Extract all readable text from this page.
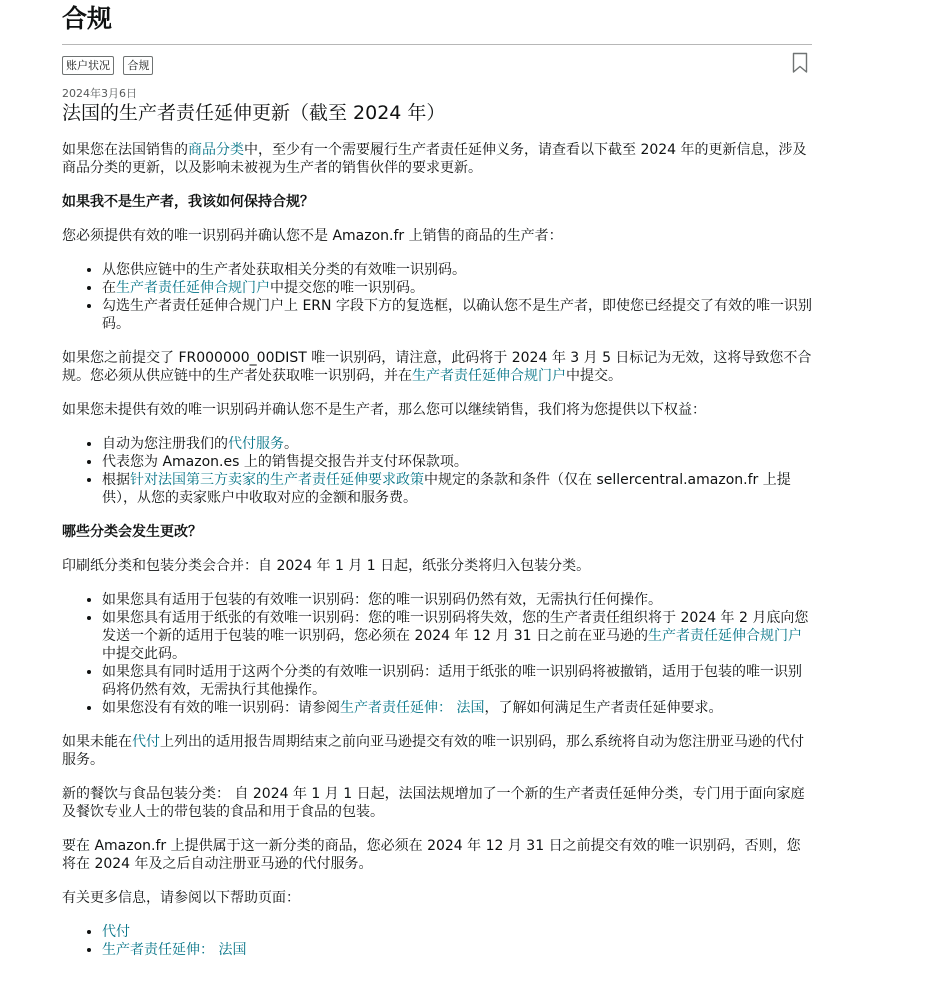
合规
账户状况 合规
2024年3月6日
法国的生产者责任延伸更新（截至 2024 年）

如果您在法国销售的商品分类中，至少有一个需要履行生产者责任延伸义务，请查看以下截至 2024 年的更新信息，涉及商品分类的更新，以及影响未被视为生产者的销售伙伴的要求更新。

如果我不是生产者，我该如何保持合规？

您必须提供有效的唯一识别码并确认您不是 Amazon.fr 上销售的商品的生产者：

• 从您供应链中的生产者处获取相关分类的有效唯一识别码。
• 在生产者责任延伸合规门户中提交您的唯一识别码。
• 勾选生产者责任延伸合规门户上 ERN 字段下方的复选框，以确认您不是生产者，即使您已经提交了有效的唯一识别码。

如果您之前提交了 FR000000_00DIST 唯一识别码，请注意，此码将于 2024 年 3 月 5 日标记为无效，这将导致您不合规。您必须从供应链中的生产者处获取唯一识别码，并在生产者责任延伸合规门户中提交。

如果您未提供有效的唯一识别码并确认您不是生产者，那么您可以继续销售，我们将为您提供以下权益：

• 自动为您注册我们的代付服务。
• 代表您为 Amazon.es 上的销售提交报告并支付环保款项。
• 根据针对法国第三方卖家的生产者责任延伸要求政策中规定的条款和条件（仅在 sellercentral.amazon.fr 上提供），从您的卖家账户中收取对应的金额和服务费。

哪些分类会发生更改？

印刷纸分类和包装分类会合并：自 2024 年 1 月 1 日起，纸张分类将归入包装分类。

• 如果您具有适用于包装的有效唯一识别码：您的唯一识别码仍然有效，无需执行任何操作。
• 如果您具有适用于纸张的有效唯一识别码：您的唯一识别码将失效，您的生产者责任组织将于 2024 年 2 月底向您发送一个新的适用于包装的唯一识别码，您必须在 2024 年 12 月 31 日之前在亚马逊的生产者责任延伸合规门户中提交此码。
• 如果您具有同时适用于这两个分类的有效唯一识别码：适用于纸张的唯一识别码将被撤销，适用于包装的唯一识别码将仍然有效，无需执行其他操作。
• 如果您没有有效的唯一识别码：请参阅生产者责任延伸： 法国，了解如何满足生产者责任延伸要求。

如果未能在代付上列出的适用报告周期结束之前向亚马逊提交有效的唯一识别码，那么系统将自动为您注册亚马逊的代付服务。

新的餐饮与食品包装分类： 自 2024 年 1 月 1 日起，法国法规增加了一个新的生产者责任延伸分类，专门用于面向家庭及餐饮专业人士的带包装的食品和用于食品的包装。

要在 Amazon.fr 上提供属于这一新分类的商品，您必须在 2024 年 12 月 31 日之前提交有效的唯一识别码，否则，您将在 2024 年及之后自动注册亚马逊的代付服务。

有关更多信息，请参阅以下帮助页面：

• 代付
• 生产者责任延伸： 法国
